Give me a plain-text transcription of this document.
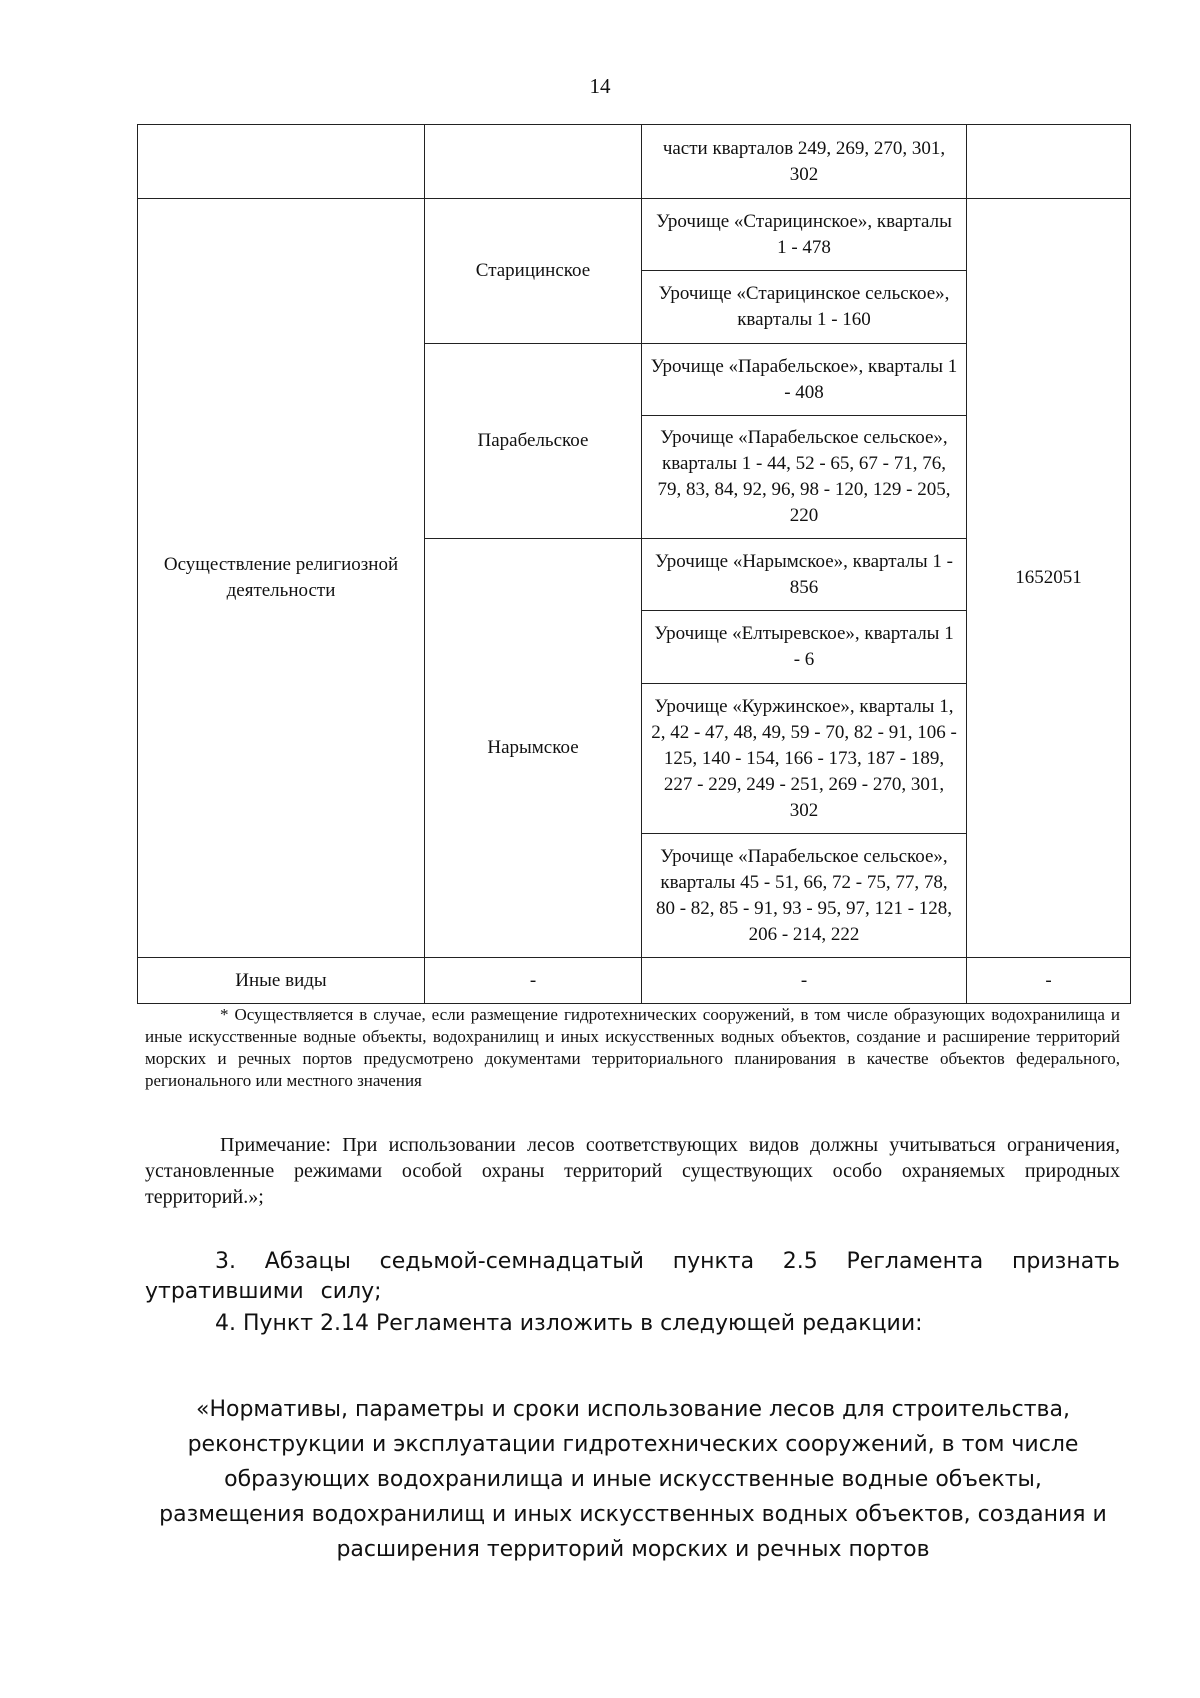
14
		части кварталов 249, 269, 270, 301, 302	
Осуществление религиозной деятельности	Старицинское	Урочище «Старицинское», кварталы 1 - 478	1652051
		Урочище «Старицинское сельское», кварталы 1 - 160	
	Парабельское	Урочище «Парабельское», кварталы 1 - 408	
		Урочище «Парабельское сельское», кварталы 1 - 44, 52 - 65, 67 - 71, 76, 79, 83, 84, 92, 96, 98 - 120, 129 - 205, 220	
	Нарымское	Урочище «Нарымское», кварталы 1 - 856	
		Урочище «Елтыревское», кварталы 1 - 6	
		Урочище «Куржинское», кварталы 1, 2, 42 - 47, 48, 49, 59 - 70, 82 - 91, 106 - 125, 140 - 154, 166 - 173, 187 - 189, 227 - 229, 249 - 251, 269 - 270, 301, 302	
		Урочище «Парабельское сельское», кварталы 45 - 51, 66, 72 - 75, 77, 78, 80 - 82, 85 - 91, 93 - 95, 97, 121 - 128, 206 - 214, 222	
Иные виды	-	-	-

* Осуществляется в случае, если размещение гидротехнических сооружений, в том числе образующих водохранилища и иные искусственные водные объекты, водохранилищ и иных искусственных водных объектов, создание и расширение территорий морских и речных портов предусмотрено документами территориального планирования в качестве объектов федерального, регионального или местного значения

Примечание: При использовании лесов соответствующих видов должны учитываться ограничения, установленные режимами особой охраны территорий существующих особо охраняемых природных территорий.»;

3. Абзацы седьмой-семнадцатый пункта 2.5 Регламента признать утратившими силу;

4. Пункт 2.14 Регламента изложить в следующей редакции:

«Нормативы, параметры и сроки использование лесов для строительства,
реконструкции и эксплуатации гидротехнических сооружений, в том числе
образующих водохранилища и иные искусственные водные объекты,
размещения водохранилищ и иных искусственных водных объектов, создания и
расширения территорий морских и речных портов
